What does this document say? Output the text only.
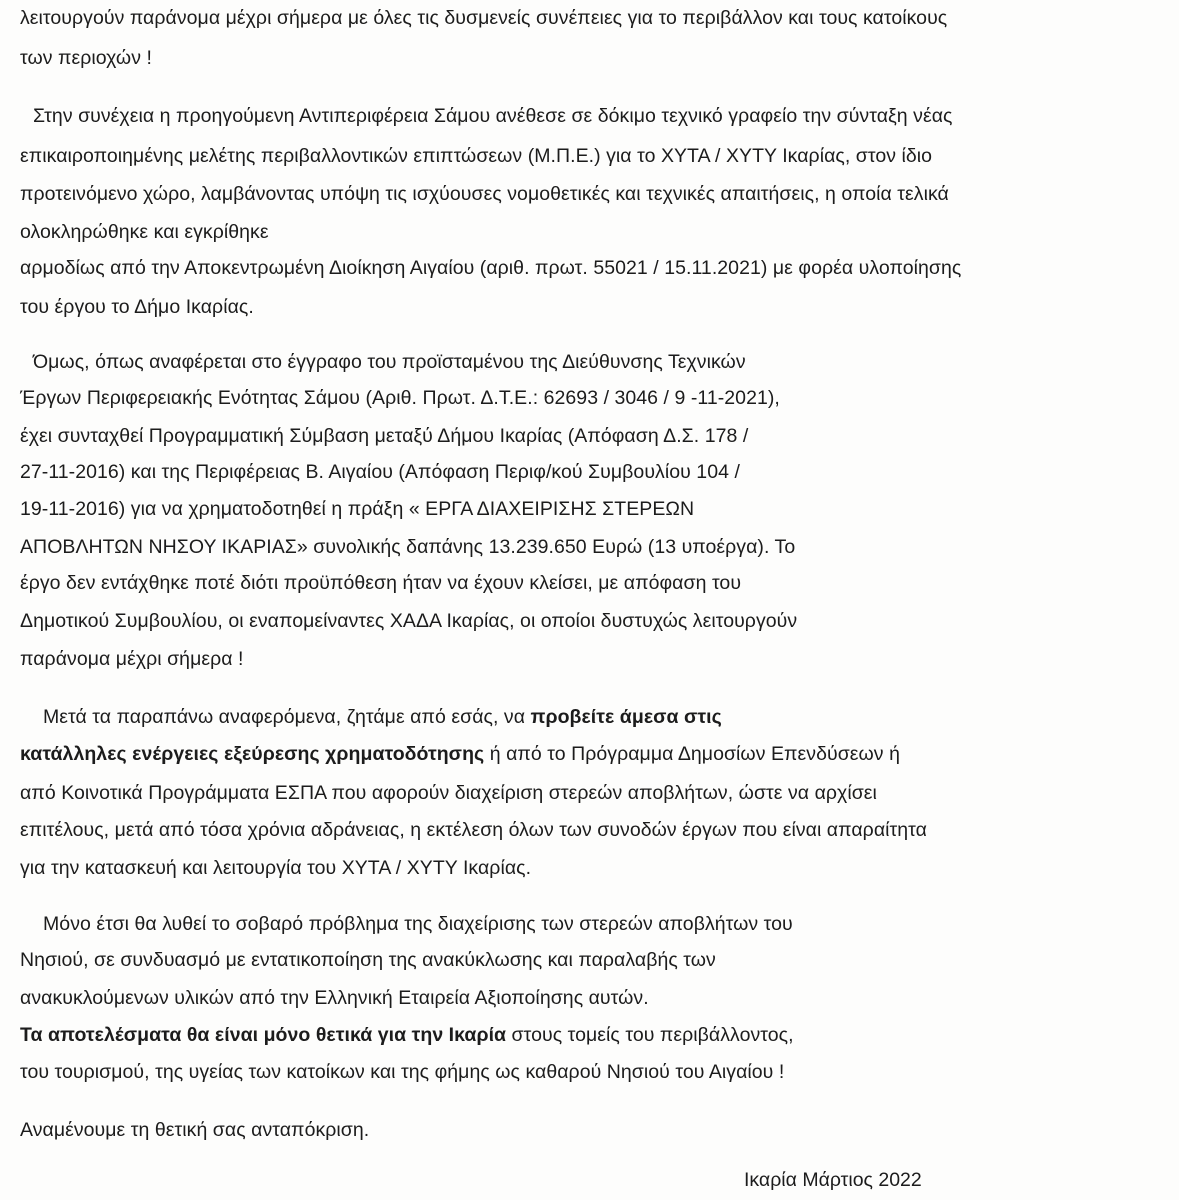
λειτουργούν παράνομα μέχρι σήμερα με όλες τις δυσμενείς συνέπειες για το περιβάλλον και τους κατοίκους
των περιοχών !
Στην συνέχεια η προηγούμενη Αντιπεριφέρεια Σάμου ανέθεσε σε δόκιμο τεχνικό γραφείο την σύνταξη νέας
επικαιροποιημένης μελέτης περιβαλλοντικών επιπτώσεων (Μ.Π.Ε.) για το ΧΥΤΑ / ΧΥΤΥ Ικαρίας, στον ίδιο
προτεινόμενο χώρο, λαμβάνοντας υπόψη τις ισχύουσες νομοθετικές και τεχνικές απαιτήσεις, η οποία τελικά
ολοκληρώθηκε και εγκρίθηκε
αρμοδίως από την Αποκεντρωμένη Διοίκηση Αιγαίου (αριθ. πρωτ. 55021 / 15.11.2021) με φορέα υλοποίησης
του έργου το Δήμο Ικαρίας.
Όμως, όπως αναφέρεται στο έγγραφο του προϊσταμένου της Διεύθυνσης Τεχνικών
Έργων Περιφερειακής Ενότητας Σάμου (Αριθ. Πρωτ. Δ.Τ.Ε.: 62693 / 3046 / 9 -11-2021),
έχει συνταχθεί Προγραμματική Σύμβαση μεταξύ Δήμου Ικαρίας (Απόφαση Δ.Σ. 178 /
27-11-2016) και της Περιφέρειας Β. Αιγαίου (Απόφαση Περιφ/κού Συμβουλίου 104 /
19-11-2016) για να χρηματοδοτηθεί η πράξη « ΕΡΓΑ ΔΙΑΧΕΙΡΙΣΗΣ ΣΤΕΡΕΩΝ
ΑΠΟΒΛΗΤΩΝ ΝΗΣΟΥ ΙΚΑΡΙΑΣ» συνολικής δαπάνης 13.239.650 Ευρώ (13 υποέργα). Το
έργο δεν εντάχθηκε ποτέ διότι προϋπόθεση ήταν να έχουν κλείσει, με απόφαση του
Δημοτικού Συμβουλίου, οι εναπομείναντες ΧΑΔΑ Ικαρίας, οι οποίοι δυστυχώς λειτουργούν
παράνομα μέχρι σήμερα !
Μετά τα παραπάνω αναφερόμενα, ζητάμε από εσάς, να προβείτε άμεσα στις
κατάλληλες ενέργειες εξεύρεσης χρηματοδότησης ή από το Πρόγραμμα Δημοσίων Επενδύσεων ή
από Κοινοτικά Προγράμματα ΕΣΠΑ που αφορούν διαχείριση στερεών αποβλήτων, ώστε να αρχίσει
επιτέλους, μετά από τόσα χρόνια αδράνειας, η εκτέλεση όλων των συνοδών έργων που είναι απαραίτητα
για την κατασκευή και λειτουργία του ΧΥΤΑ / ΧΥΤΥ Ικαρίας.
Μόνο έτσι θα λυθεί το σοβαρό πρόβλημα της διαχείρισης των στερεών αποβλήτων του
Νησιού, σε συνδυασμό με εντατικοποίηση της ανακύκλωσης και παραλαβής των
ανακυκλούμενων υλικών από την Ελληνική Εταιρεία Αξιοποίησης αυτών.
Τα αποτελέσματα θα είναι μόνο θετικά για την Ικαρία στους τομείς του περιβάλλοντος,
του τουρισμού, της υγείας των κατοίκων και της φήμης ως καθαρού Νησιού του Αιγαίου !
Αναμένουμε τη θετική σας ανταπόκριση.
Ικαρία Μάρτιος 2022
